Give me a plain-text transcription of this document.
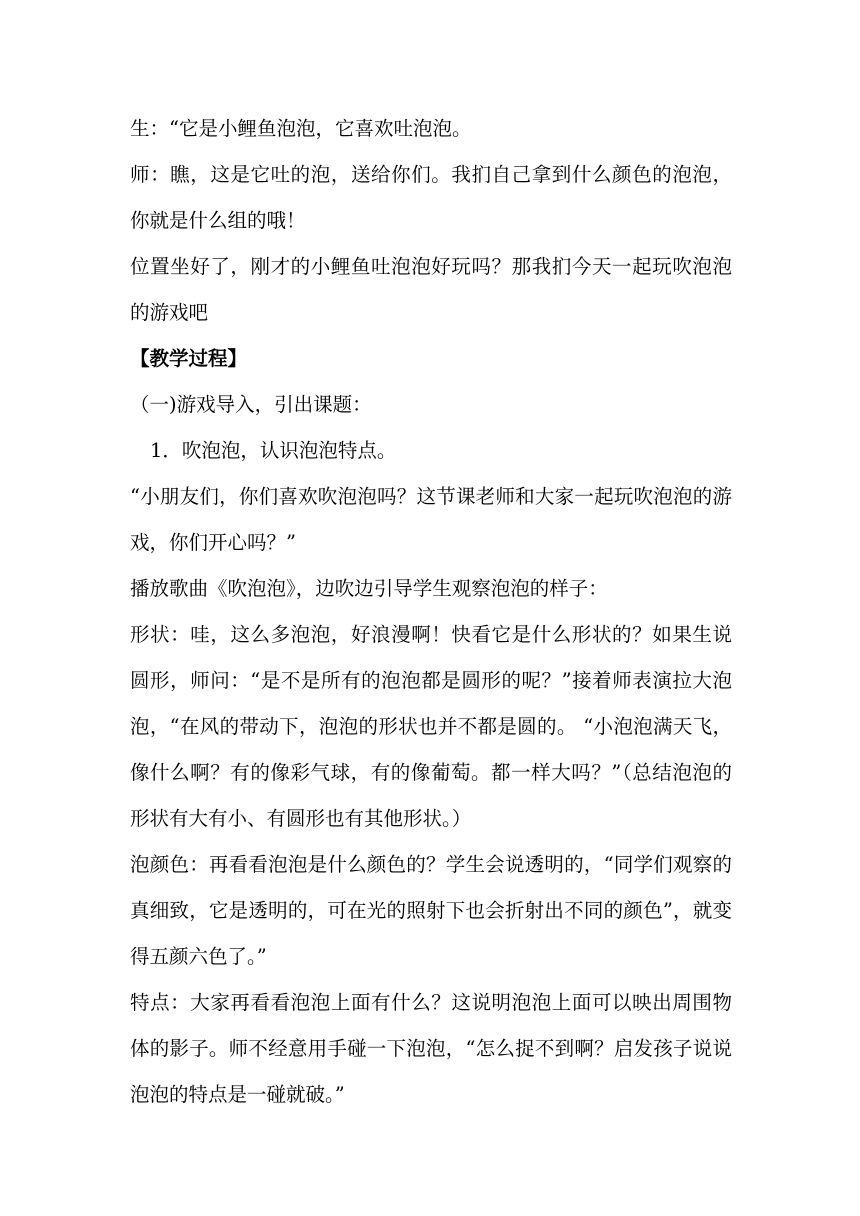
生：“它是小鲤鱼泡泡，它喜欢吐泡泡。

师：瞧，这是它吐的泡，送给你们。我扪自己拿到什么颜色的泡泡，你就是什么组的哦！

位置坐好了，刚才的小鲤鱼吐泡泡好玩吗？那我扪今天一起玩吹泡泡的游戏吧

【教学过程】

（一)游戏导入，引出课题：

1．吹泡泡，认识泡泡特点。

“小朋友们，你们喜欢吹泡泡吗？这节课老师和大家一起玩吹泡泡的游戏，你们开心吗？”

播放歌曲《吹泡泡》，边吹边引导学生观察泡泡的样子：

形状：哇，这么多泡泡，好浪漫啊！快看它是什么形状的？如果生说圆形，师问：“是不是所有的泡泡都是圆形的呢？”接着师表演拉大泡泡，“在风的带动下，泡泡的形状也并不都是圆的。 “小泡泡满天飞，像什么啊？有的像彩气球，有的像葡萄。都一样大吗？”（总结泡泡的形状有大有小、有圆形也有其他形状。）

泡颜色：再看看泡泡是什么颜色的？学生会说透明的，“同学们观察的真细致，它是透明的，可在光的照射下也会折射出不同的颜色”，就变得五颜六色了。”

特点：大家再看看泡泡上面有什么？这说明泡泡上面可以映出周围物体的影子。师不经意用手碰一下泡泡，“怎么捉不到啊？启发孩子说说泡泡的特点是一碰就破。”
